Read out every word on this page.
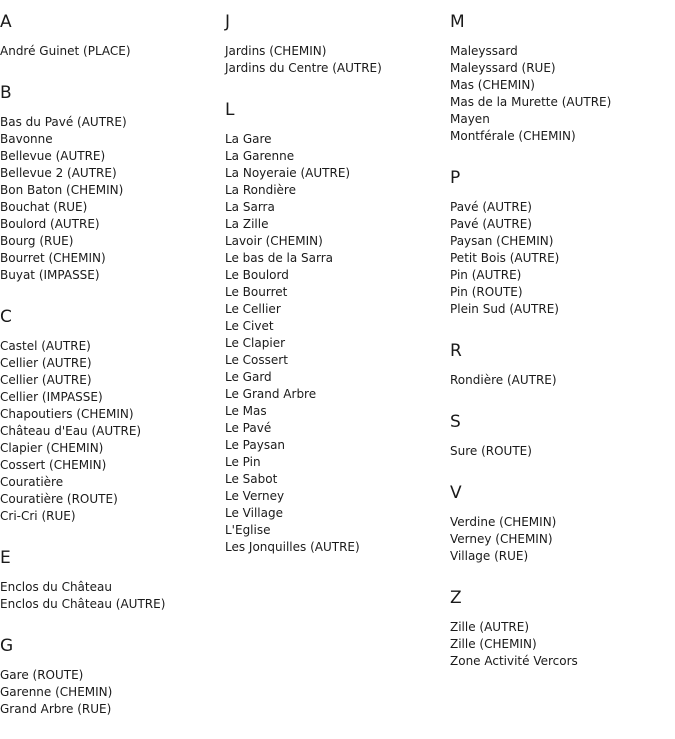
A
André Guinet (PLACE)
B
Bas du Pavé (AUTRE)
Bavonne
Bellevue (AUTRE)
Bellevue 2 (AUTRE)
Bon Baton (CHEMIN)
Bouchat (RUE)
Boulord (AUTRE)
Bourg (RUE)
Bourret (CHEMIN)
Buyat (IMPASSE)
C
Castel (AUTRE)
Cellier (AUTRE)
Cellier (AUTRE)
Cellier (IMPASSE)
Chapoutiers (CHEMIN)
Château d'Eau (AUTRE)
Clapier (CHEMIN)
Cossert (CHEMIN)
Couratière
Couratière (ROUTE)
Cri-Cri (RUE)
E
Enclos du Château
Enclos du Château (AUTRE)
G
Gare (ROUTE)
Garenne (CHEMIN)
Grand Arbre (RUE)
J
Jardins (CHEMIN)
Jardins du Centre (AUTRE)
L
La Gare
La Garenne
La Noyeraie (AUTRE)
La Rondière
La Sarra
La Zille
Lavoir (CHEMIN)
Le bas de la Sarra
Le Boulord
Le Bourret
Le Cellier
Le Civet
Le Clapier
Le Cossert
Le Gard
Le Grand Arbre
Le Mas
Le Pavé
Le Paysan
Le Pin
Le Sabot
Le Verney
Le Village
L'Eglise
Les Jonquilles (AUTRE)
M
Maleyssard
Maleyssard (RUE)
Mas (CHEMIN)
Mas de la Murette (AUTRE)
Mayen
Montférale (CHEMIN)
P
Pavé (AUTRE)
Pavé (AUTRE)
Paysan (CHEMIN)
Petit Bois (AUTRE)
Pin (AUTRE)
Pin (ROUTE)
Plein Sud (AUTRE)
R
Rondière (AUTRE)
S
Sure (ROUTE)
V
Verdine (CHEMIN)
Verney (CHEMIN)
Village (RUE)
Z
Zille (AUTRE)
Zille (CHEMIN)
Zone Activité Vercors
